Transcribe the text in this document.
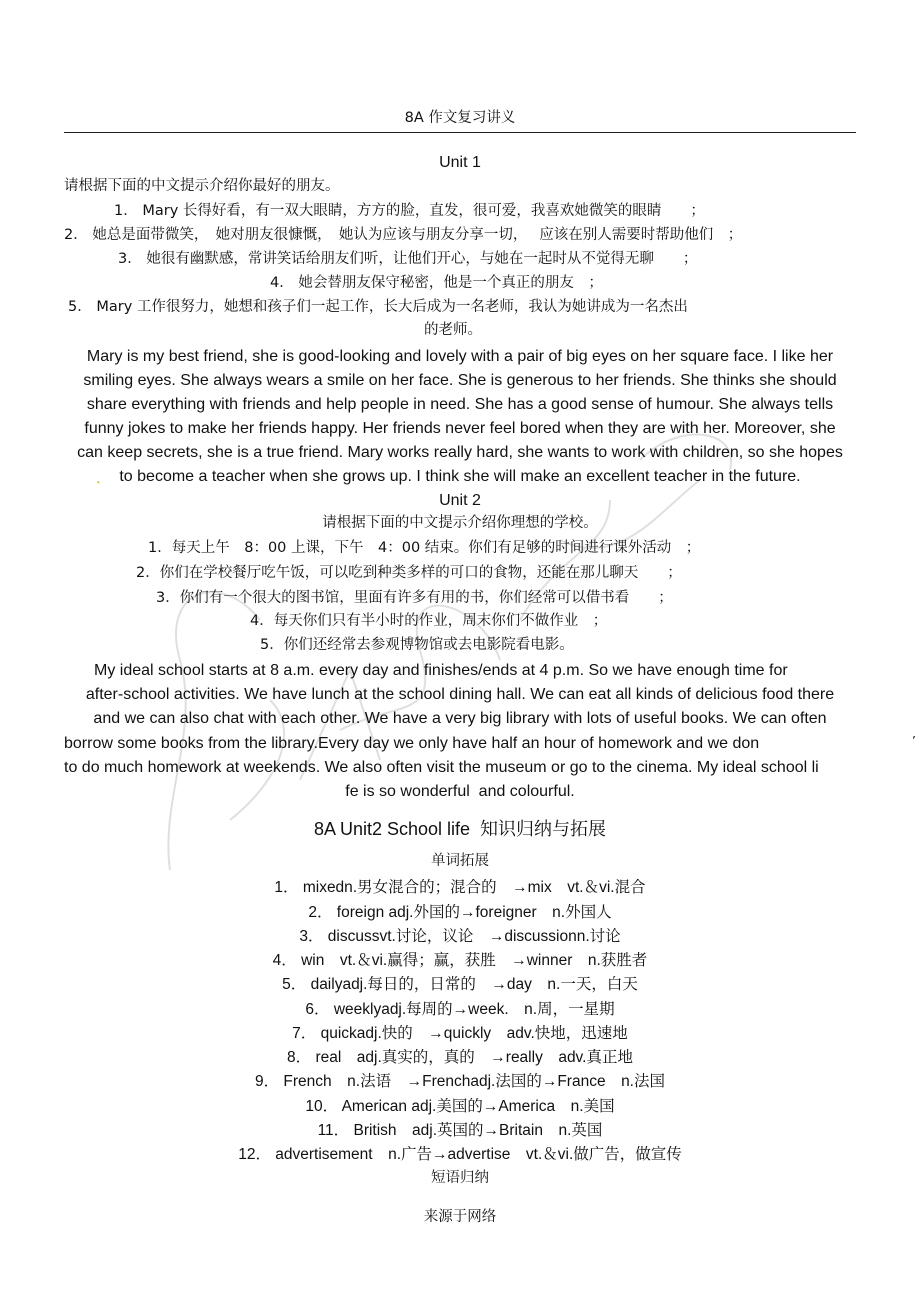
8A 作文复习讲义
Unit 1
请根据下面的中文提示介绍你最好的朋友。
1． Mary 长得好看，有一双大眼睛，方方的脸，直发，很可爱，我喜欢她微笑的眼睛　　；
2． 她总是面带微笑，　她对朋友很慷慨，　她认为应该与朋友分享一切，　 应该在别人需要时帮助他们　；
3． 她很有幽默感，常讲笑话给朋友们听，让他们开心，与她在一起时从不觉得无聊　　；
4． 她会替朋友保守秘密，他是一个真正的朋友　；
5． Mary 工作很努力，她想和孩子们一起工作，长大后成为一名老师，我认为她讲成为一名杰出
的老师。
Mary is my best friend, she is good-looking and lovely with a pair of big eyes on her square face. I like her
smiling eyes. She always wears a smile on her face. She is generous to her friends. She thinks she should
share everything with friends and help people in need. She has a good sense of humour. She always tells
funny jokes to make her friends happy. Her friends never feel bored when they are with her. Moreover, she
can keep secrets, she is a true friend. Mary works really hard, she wants to work with children, so she hopes
.	to become a teacher when she grows up. I think she will make an excellent teacher in the future.
Unit 2
请根据下面的中文提示介绍你理想的学校。
1．每天上午　8：00 上课，下午　4：00 结束。你们有足够的时间进行课外活动　；
2．你们在学校餐厅吃午饭，可以吃到种类多样的可口的食物，还能在那儿聊天　　；
3．你们有一个很大的图书馆，里面有许多有用的书，你们经常可以借书看　　；
4．每天你们只有半小时的作业，周末你们不做作业　；
5．你们还经常去参观博物馆或去电影院看电影。
My ideal school starts at 8 a.m. every day and finishes/ends at 4 p.m. So we have enough time for
after-school activities. We have lunch at the school dining hall. We can eat all kinds of delicious food there
and we can also chat with each other. We have a very big library with lots of useful books. We can often
borrow some books from the library.Every day we only have half an hour of homework and we don	’
to do much homework at weekends. We also often visit the museum or go to the cinema. My ideal school li
fe is so wonderful  and colourful.
8A Unit2 School life  知识归纳与拓展
单词拓展
1． mixedn.男女混合的；混合的　→mix　vt.＆vi.混合
2． foreign adj.外国的→foreigner　n.外国人
3． discussvt.讨论，议论　→discussionn.讨论
4． win　vt.＆vi.赢得；赢，获胜　→winner　n.获胜者
5． dailyadj.每日的，日常的　→day　n.一天，白天
6． weeklyadj.每周的→week.　n.周，一星期
7． quickadj.快的　→quickly　adv.快地，迅速地
8． real　adj.真实的，真的　→really　adv.真正地
9． French　n.法语　→Frenchadj.法国的→France　n.法国
10． American adj.美国的→America　n.美国
11． British　adj.英国的→Britain　n.英国
12． advertisement　n.广告→advertise　vt.＆vi.做广告，做宣传
短语归纳
来源于网络
